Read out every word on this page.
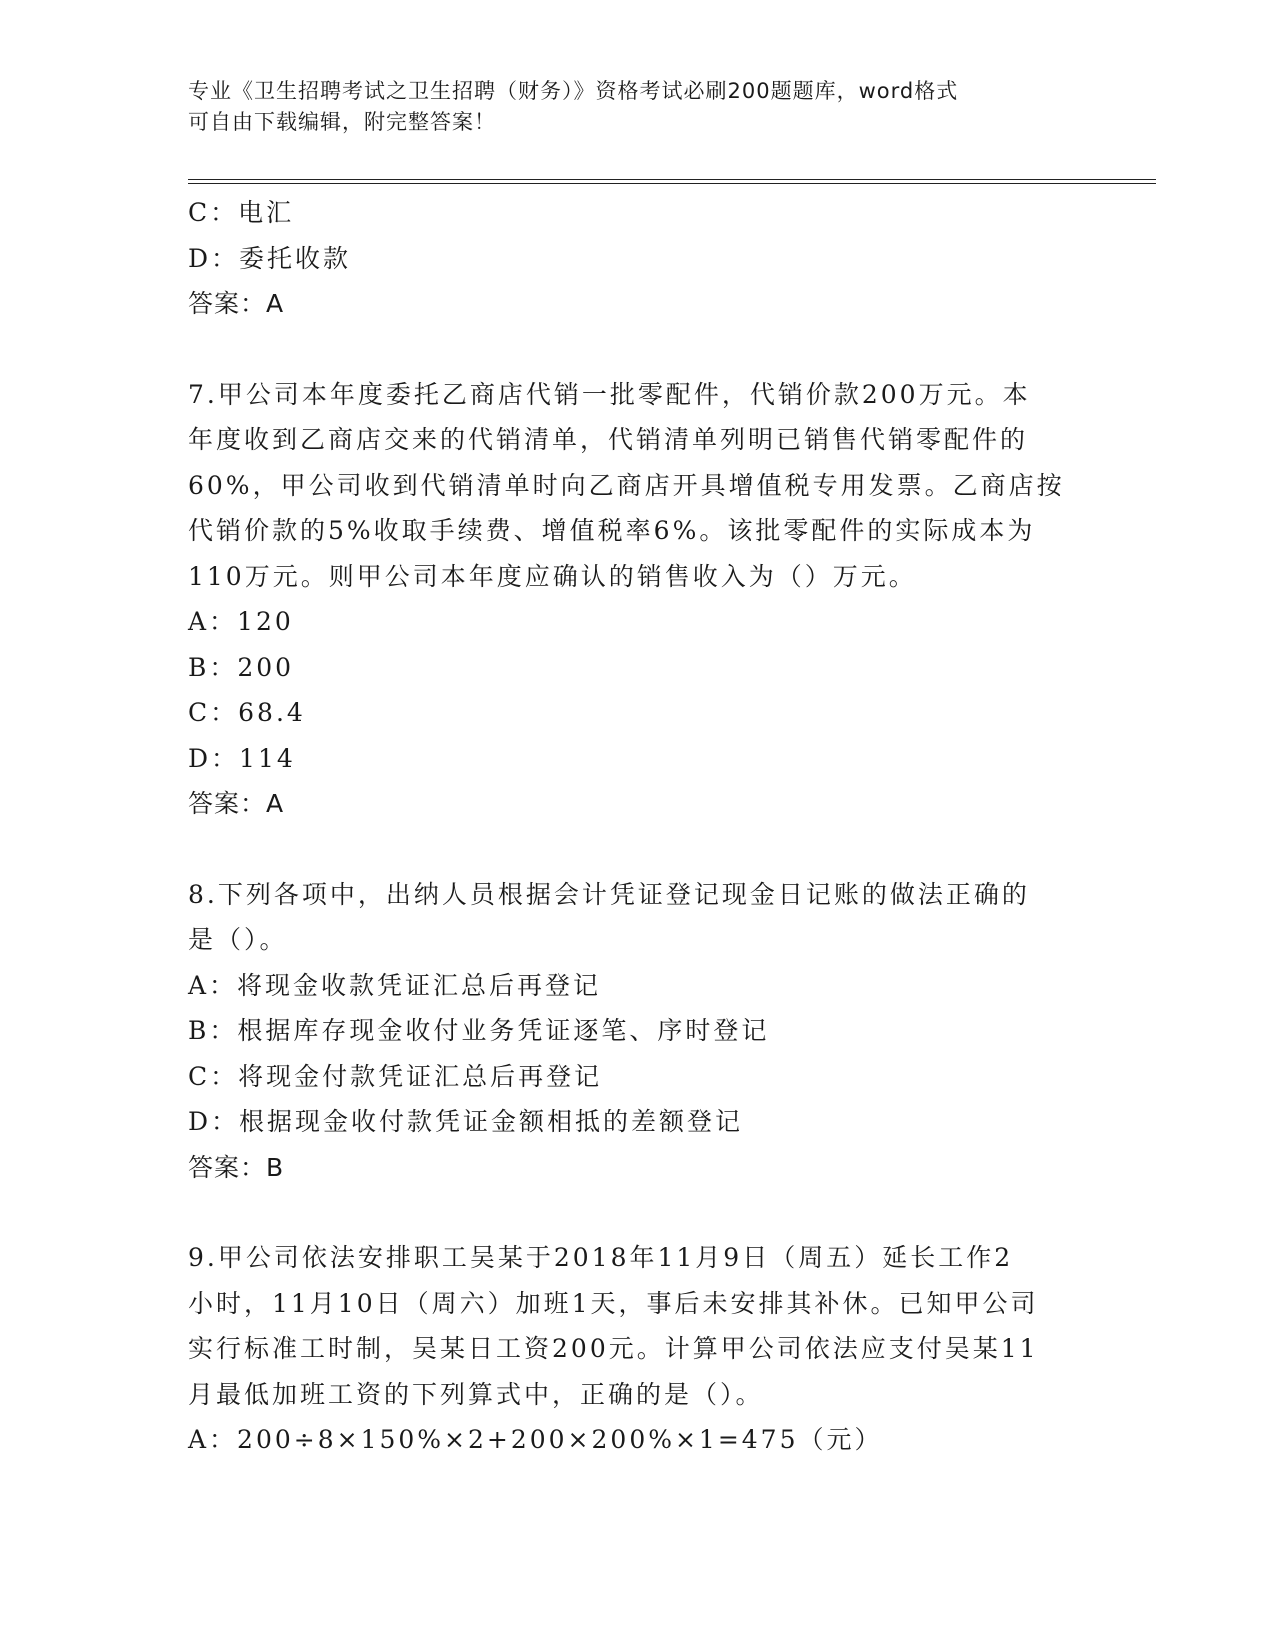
专业《卫生招聘考试之卫生招聘（财务）》资格考试必刷200题题库，word格式
可自由下载编辑，附完整答案！
C：电汇
D：委托收款
答案：A
7.甲公司本年度委托乙商店代销一批零配件，代销价款200万元。本
年度收到乙商店交来的代销清单，代销清单列明已销售代销零配件的
60%，甲公司收到代销清单时向乙商店开具增值税专用发票。乙商店按
代销价款的5%收取手续费、增值税率6%。该批零配件的实际成本为
110万元。则甲公司本年度应确认的销售收入为（）万元。
A：120
B：200
C：68.4
D：114
答案：A
8.下列各项中，出纳人员根据会计凭证登记现金日记账的做法正确的
是（）。
A：将现金收款凭证汇总后再登记
B：根据库存现金收付业务凭证逐笔、序时登记
C：将现金付款凭证汇总后再登记
D：根据现金收付款凭证金额相抵的差额登记
答案：B
9.甲公司依法安排职工吴某于2018年11月9日（周五）延长工作2
小时，11月10日（周六）加班1天，事后未安排其补休。已知甲公司
实行标准工时制，吴某日工资200元。计算甲公司依法应支付吴某11
月最低加班工资的下列算式中，正确的是（）。
A：200÷8×150%×2+200×200%×1=475（元）
